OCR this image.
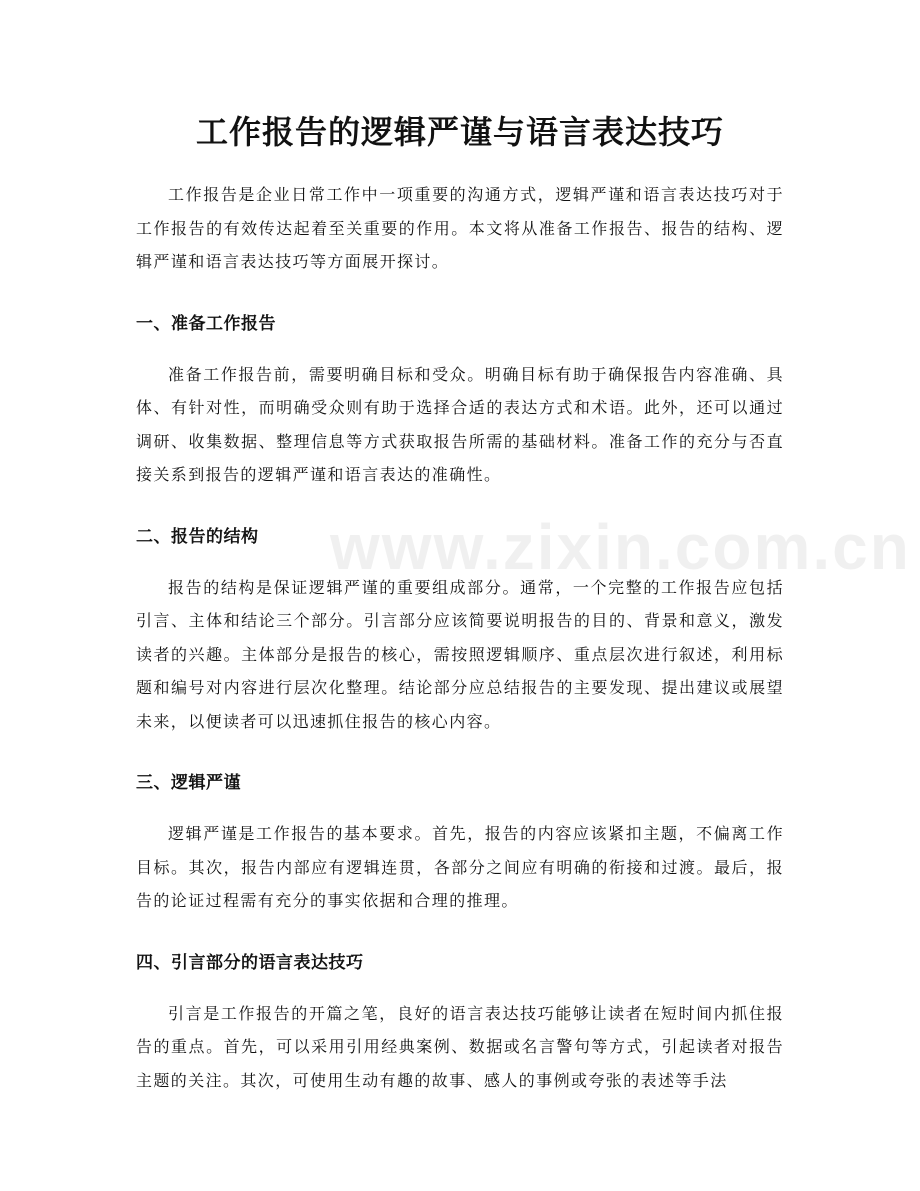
www.zixin.com.cn
工作报告的逻辑严谨与语言表达技巧

工作报告是企业日常工作中一项重要的沟通方式，逻辑严谨和语言表达技巧对于工作报告的有效传达起着至关重要的作用。本文将从准备工作报告、报告的结构、逻辑严谨和语言表达技巧等方面展开探讨。

一、准备工作报告

准备工作报告前，需要明确目标和受众。明确目标有助于确保报告内容准确、具体、有针对性，而明确受众则有助于选择合适的表达方式和术语。此外，还可以通过调研、收集数据、整理信息等方式获取报告所需的基础材料。准备工作的充分与否直接关系到报告的逻辑严谨和语言表达的准确性。

二、报告的结构

报告的结构是保证逻辑严谨的重要组成部分。通常，一个完整的工作报告应包括引言、主体和结论三个部分。引言部分应该简要说明报告的目的、背景和意义，激发读者的兴趣。主体部分是报告的核心，需按照逻辑顺序、重点层次进行叙述，利用标题和编号对内容进行层次化整理。结论部分应总结报告的主要发现、提出建议或展望未来，以便读者可以迅速抓住报告的核心内容。

三、逻辑严谨

逻辑严谨是工作报告的基本要求。首先，报告的内容应该紧扣主题，不偏离工作目标。其次，报告内部应有逻辑连贯，各部分之间应有明确的衔接和过渡。最后，报告的论证过程需有充分的事实依据和合理的推理。

四、引言部分的语言表达技巧

引言是工作报告的开篇之笔，良好的语言表达技巧能够让读者在短时间内抓住报告的重点。首先，可以采用引用经典案例、数据或名言警句等方式，引起读者对报告主题的关注。其次，可使用生动有趣的故事、感人的事例或夸张的表述等手法
